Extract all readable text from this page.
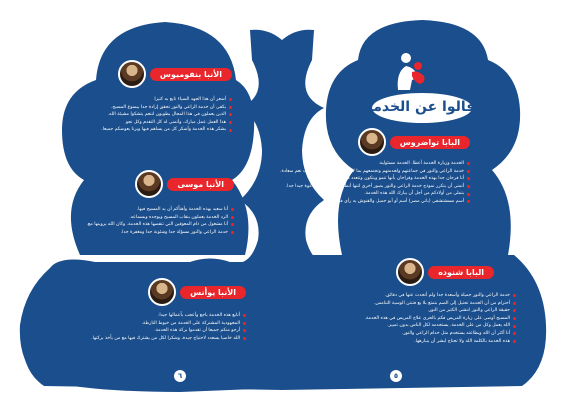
الأنبا بنفوميوس
أشعر أن هذا الجهد السياء تابع به كثيرا
يكفى أن خدمة الراعي والنور تحقق إرادة جدا بيسوع المسيح.
الذين يعملون في هذا المجال يطوبون لتنعم يتشكوا مشيئة الله.
هذا العمل عمل مبارك. وأتمنى له كل التقدم وكل نجو
بشكر هذه الخدمة وأشكر كل من يساهم فيها ويرنا يعوضكم جميعا.
الأنبا موسى
أنا سعيد بهذه الخدمة وأهنأكم أن يد المسيح فيها.
الرد الخدمة يعملون بنقاب المسيح ويوجده وبسماعه.
أنا مشغول من ذام المعوقين التي تنقصها هذه الخدمة. وكان الله يروينها مع.
خدمة الراعي والنور مسؤلة جدا وشئونة جدا ومغفرة جدا.
الأنبا يوأنس
أتابع هذه الخدمة باجع وأعجب بأعمالها جيدا.
المجهودية المشتركة على الخدمة من خيوط التارطة.
أرجو منكم جميعا أن تقدموا بركة هذه الخدمة.
الله خاضبا يسعدد لاحتياج جيدة، وشكرا لكل من يشترك فيها مع من يأخذ بركتها.
٦
قالوا عن الخدمة
البابا تواضروس
الخدمة وزيارة الخدمة أعطا. الخدمة مسئولية.
خدمة الراعي والنور في جماعتهم ولخدمتهم وتجتمعهم بما لا شك هذه الأشياء لتستحب نعم سعادة.
أنا فرحان جدا بهذه الخدمة وقراحان بأنها تنمو وبتكون وتتعدد في جميع المجالات.
أتمنى أن يتكرر نموذج خدمة الراعي والنور بصور أخرى لتنها أنظانه جميعه، أولاد دعوة جيدا جدا.
بتملى من أولادكم من أجل أن يبارك الله هذه الخدمة.
أسم مسشتشفى (باتي مصر) أسم أو أبو جميل والقنوش به رأى في مصر.
البابا شنوده
خدمة الراعي والنور جميلة وأسعدة جدا ولم أتحدث عنها في دقائق.
أحترام من أن الخدمة تحتيل إلى الصم بتمتع بلا بع فتنتن الوسية التنامس.
حقيقة الراعي والنور انتشى الكثير من النور.
المسيح أوصى على زيارة المريض فكم بالحري علاج المريض في هذه الخدمة.
الله يعمل وكل من على الخدمة. يستخدمه لكل الناس بدون تمييز.
أنا أكثر أن الله وبطاعته يستخدم مثل خدام الراعي والنور.
هذه الخدمة بالكلمة الله ولا تحتاج لبشر أن ينبارهها.
٥
